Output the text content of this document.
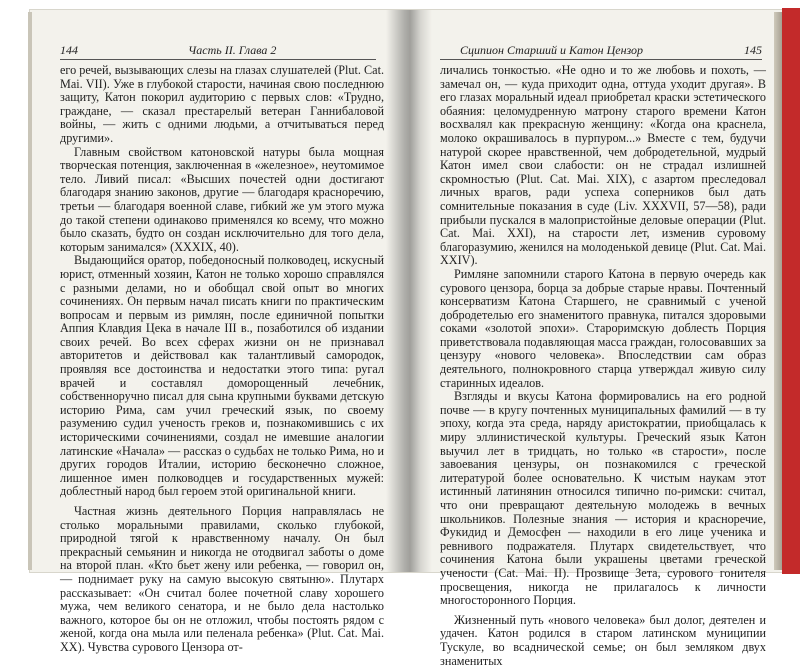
144	Часть II. Глава 2

его речей, вызывающих слезы на глазах слушателей (Plut. Cat. Mai. VII). Уже в глубокой старости, начиная свою последнюю защиту, Катон покорил аудиторию с первых слов: «Трудно, граждане, — сказал престарелый ветеран Ганнибаловой войны, — жить с одними людьми, а отчитываться перед другими».

Главным свойством катоновской натуры была мощная творческая потенция, заключенная в «железное», неутомимое тело. Ливий писал: «Высших почестей одни достигают благодаря знанию законов, другие — благодаря красноречию, третьи — благодаря военной славе, гибкий же ум этого мужа до такой степени одинаково применялся ко всему, что можно было сказать, будто он создан исключительно для того дела, которым занимался» (XXXIX, 40).

Выдающийся оратор, победоносный полководец, искусный юрист, отменный хозяин, Катон не только хорошо справлялся с разными делами, но и обобщал свой опыт во многих сочинениях. Он первым начал писать книги по практическим вопросам и первым из римлян, после единичной попытки Аппия Клавдия Цека в начале III в., позаботился об издании своих речей. Во всех сферах жизни он не признавал авторитетов и действовал как талантливый самородок, проявляя все достоинства и недостатки этого типа: ругал врачей и составлял доморощенный лечебник, собственноручно писал для сына крупными буквами детскую историю Рима, сам учил греческий язык, по своему разумению судил ученость греков и, познакомившись с их историческими сочинениями, создал не имевшие аналогии латинские «Начала» — рассказ о судьбах не только Рима, но и других городов Италии, историю бесконечно сложное, лишенное имен полководцев и государственных мужей: доблестный народ был героем этой оригинальной книги.

Частная жизнь деятельного Порция направлялась не столько моральными правилами, сколько глубокой, природной тягой к нравственному началу. Он был прекрасный семьянин и никогда не отодвигал заботы о доме на второй план. «Кто бьет жену или ребенка, — говорил он, — поднимает руку на самую высокую святыню». Плутарх рассказывает: «Он считал более почетной славу хорошего мужа, чем великого сенатора, и не было дела настолько важного, которое бы он не отложил, чтобы постоять рядом с женой, когда она мыла или пеленала ребенка» (Plut. Cat. Mai. XX). Чувства сурового Цензора от-

Сципион Старший и Катон Цензор	145

личались тонкостью. «Не одно и то же любовь и похоть, — замечал он, — куда приходит одна, оттуда уходит другая». В его глазах моральный идеал приобретал краски эстетического обаяния: целомудренную матрону старого времени Катон восхвалял как прекрасную женщину: «Когда она краснела, молоко окрашивалось в пурпуром...» Вместе с тем, будучи натурой скорее нравственной, чем добродетельной, мудрый Катон имел свои слабости: он не страдал излишней скромностью (Plut. Cat. Mai. XIX), с азартом преследовал личных врагов, ради успеха соперников был дать сомнительные показания в суде (Liv. XXXVII, 57—58), ради прибыли пускался в малопристойные деловые операции (Plut. Cat. Mai. XXI), на старости лет, изменив суровому благоразумию, женился на молоденькой девице (Plut. Cat. Mai. XXIV).

Римляне запомнили старого Катона в первую очередь как сурового цензора, борца за добрые старые нравы. Почтенный консерватизм Катона Старшего, не сравнимый с ученой добродетелью его знаменитого правнука, питался здоровыми соками «золотой эпохи». Староримскую доблесть Порция приветствовала подавляющая масса граждан, голосовавших за цензуру «нового человека». Впоследствии сам образ деятельного, полнокровного старца утверждал живую силу старинных идеалов.

Взгляды и вкусы Катона формировались на его родной почве — в кругу почтенных муниципальных фамилий — в ту эпоху, когда эта среда, наряду аристократии, приобщалась к миру эллинистической культуры. Греческий язык Катон выучил лет в тридцать, но только «в старости», после завоевания цензуры, он познакомился с греческой литературой более основательно. К чистым наукам этот истинный латинянин относился типично по-римски: считал, что они превращают деятельную молодежь в вечных школьников. Полезные знания — история и красноречие, Фукидид и Демосфен — находили в его лице ученика и ревнивого подражателя. Плутарх свидетельствует, что сочинения Катона были украшены цветами греческой учености (Cat. Mai. II). Прозвище Зета, сурового гонителя просвещения, никогда не прилагалось к личности многосторонного Порция.

Жизненный путь «нового человека» был долог, деятелен и удачен. Катон родился в старом латинском муниципии Тускуле, во всаднической семье; он был земляком двух знаменитых
